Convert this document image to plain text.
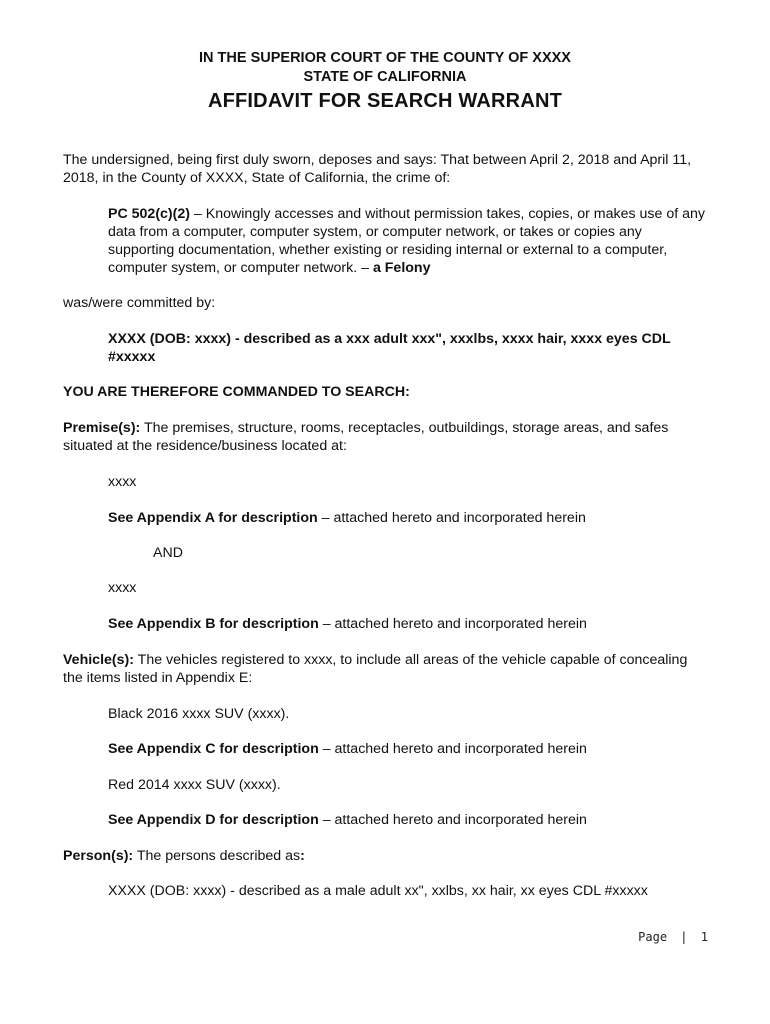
IN THE SUPERIOR COURT OF THE COUNTY OF XXXX
STATE OF CALIFORNIA
AFFIDAVIT FOR SEARCH WARRANT
The undersigned, being first duly sworn, deposes and says: That between April 2, 2018 and April 11, 2018, in the County of XXXX, State of California, the crime of:
PC 502(c)(2) – Knowingly accesses and without permission takes, copies, or makes use of any data from a computer, computer system, or computer network, or takes or copies any supporting documentation, whether existing or residing internal or external to a computer, computer system, or computer network. – a Felony
was/were committed by:
XXXX (DOB: xxxx) - described as a xxx adult xxx", xxxlbs, xxxx hair, xxxx eyes CDL #xxxxx
YOU ARE THEREFORE COMMANDED TO SEARCH:
Premise(s): The premises, structure, rooms, receptacles, outbuildings, storage areas, and safes situated at the residence/business located at:
xxxx
See Appendix A for description – attached hereto and incorporated herein
AND
xxxx
See Appendix B for description – attached hereto and incorporated herein
Vehicle(s): The vehicles registered to xxxx, to include all areas of the vehicle capable of concealing the items listed in Appendix E:
Black 2016 xxxx SUV (xxxx).
See Appendix C for description – attached hereto and incorporated herein
Red 2014 xxxx SUV (xxxx).
See Appendix D for description – attached hereto and incorporated herein
Person(s): The persons described as:
XXXX (DOB: xxxx) - described as a male adult xx", xxlbs, xx hair, xx eyes CDL #xxxxx
Page | 1
